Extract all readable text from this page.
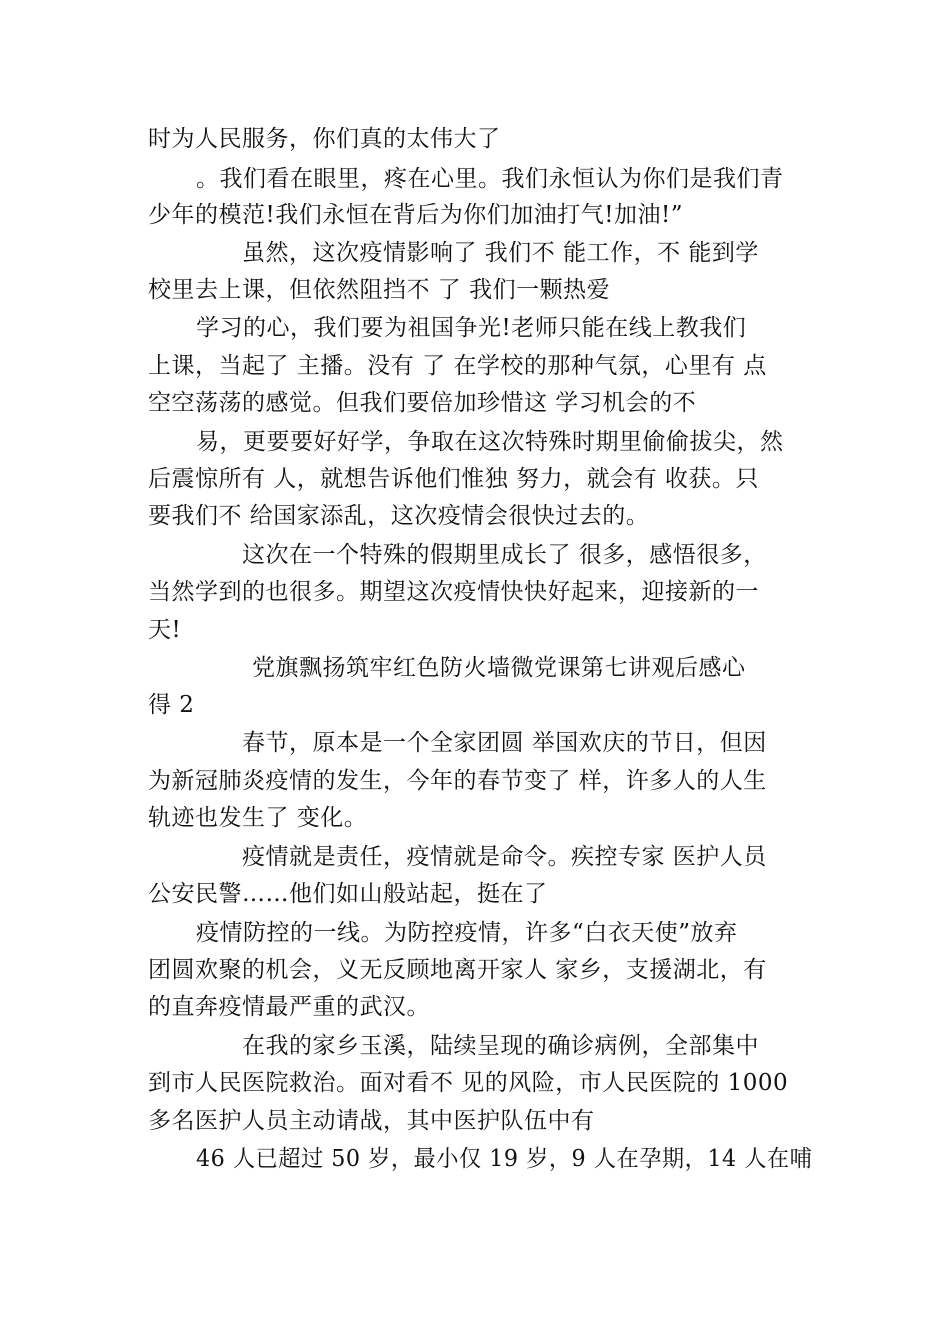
时为人民服务，你们真的太伟大了
。我们看在眼里，疼在心里。我们永恒认为你们是我们青
少年的模范!我们永恒在背后为你们加油打气!加油!”
虽然，这次疫情影响了 我们不 能工作，不 能到学
校里去上课，但依然阻挡不 了 我们一颗热爱
学习的心，我们要为祖国争光!老师只能在线上教我们
上课，当起了 主播。没有 了 在学校的那种气氛，心里有 点
空空荡荡的感觉。但我们要倍加珍惜这 学习机会的不
易，更要要好好学，争取在这次特殊时期里偷偷拔尖，然
后震惊所有 人，就想告诉他们惟独 努力，就会有 收获。只
要我们不 给国家添乱，这次疫情会很快过去的。
这次在一个特殊的假期里成长了 很多，感悟很多，
当然学到的也很多。期望这次疫情快快好起来，迎接新的一
天!
党旗飘扬筑牢红色防火墙微党课第七讲观后感心
得 2
春节，原本是一个全家团圆 举国欢庆的节日，但因
为新冠肺炎疫情的发生，今年的春节变了 样，许多人的人生
轨迹也发生了 变化。
疫情就是责任，疫情就是命令。疾控专家 医护人员
公安民警……他们如山般站起，挺在了
疫情防控的一线。为防控疫情，许多“白衣天使”放弃
团圆欢聚的机会，义无反顾地离开家人 家乡，支援湖北，有
的直奔疫情最严重的武汉。
在我的家乡玉溪，陆续呈现的确诊病例，全部集中
到市人民医院救治。面对看不 见的风险，市人民医院的 1000
多名医护人员主动请战，其中医护队伍中有
46 人已超过 50 岁，最小仅 19 岁，9 人在孕期，14 人在哺
